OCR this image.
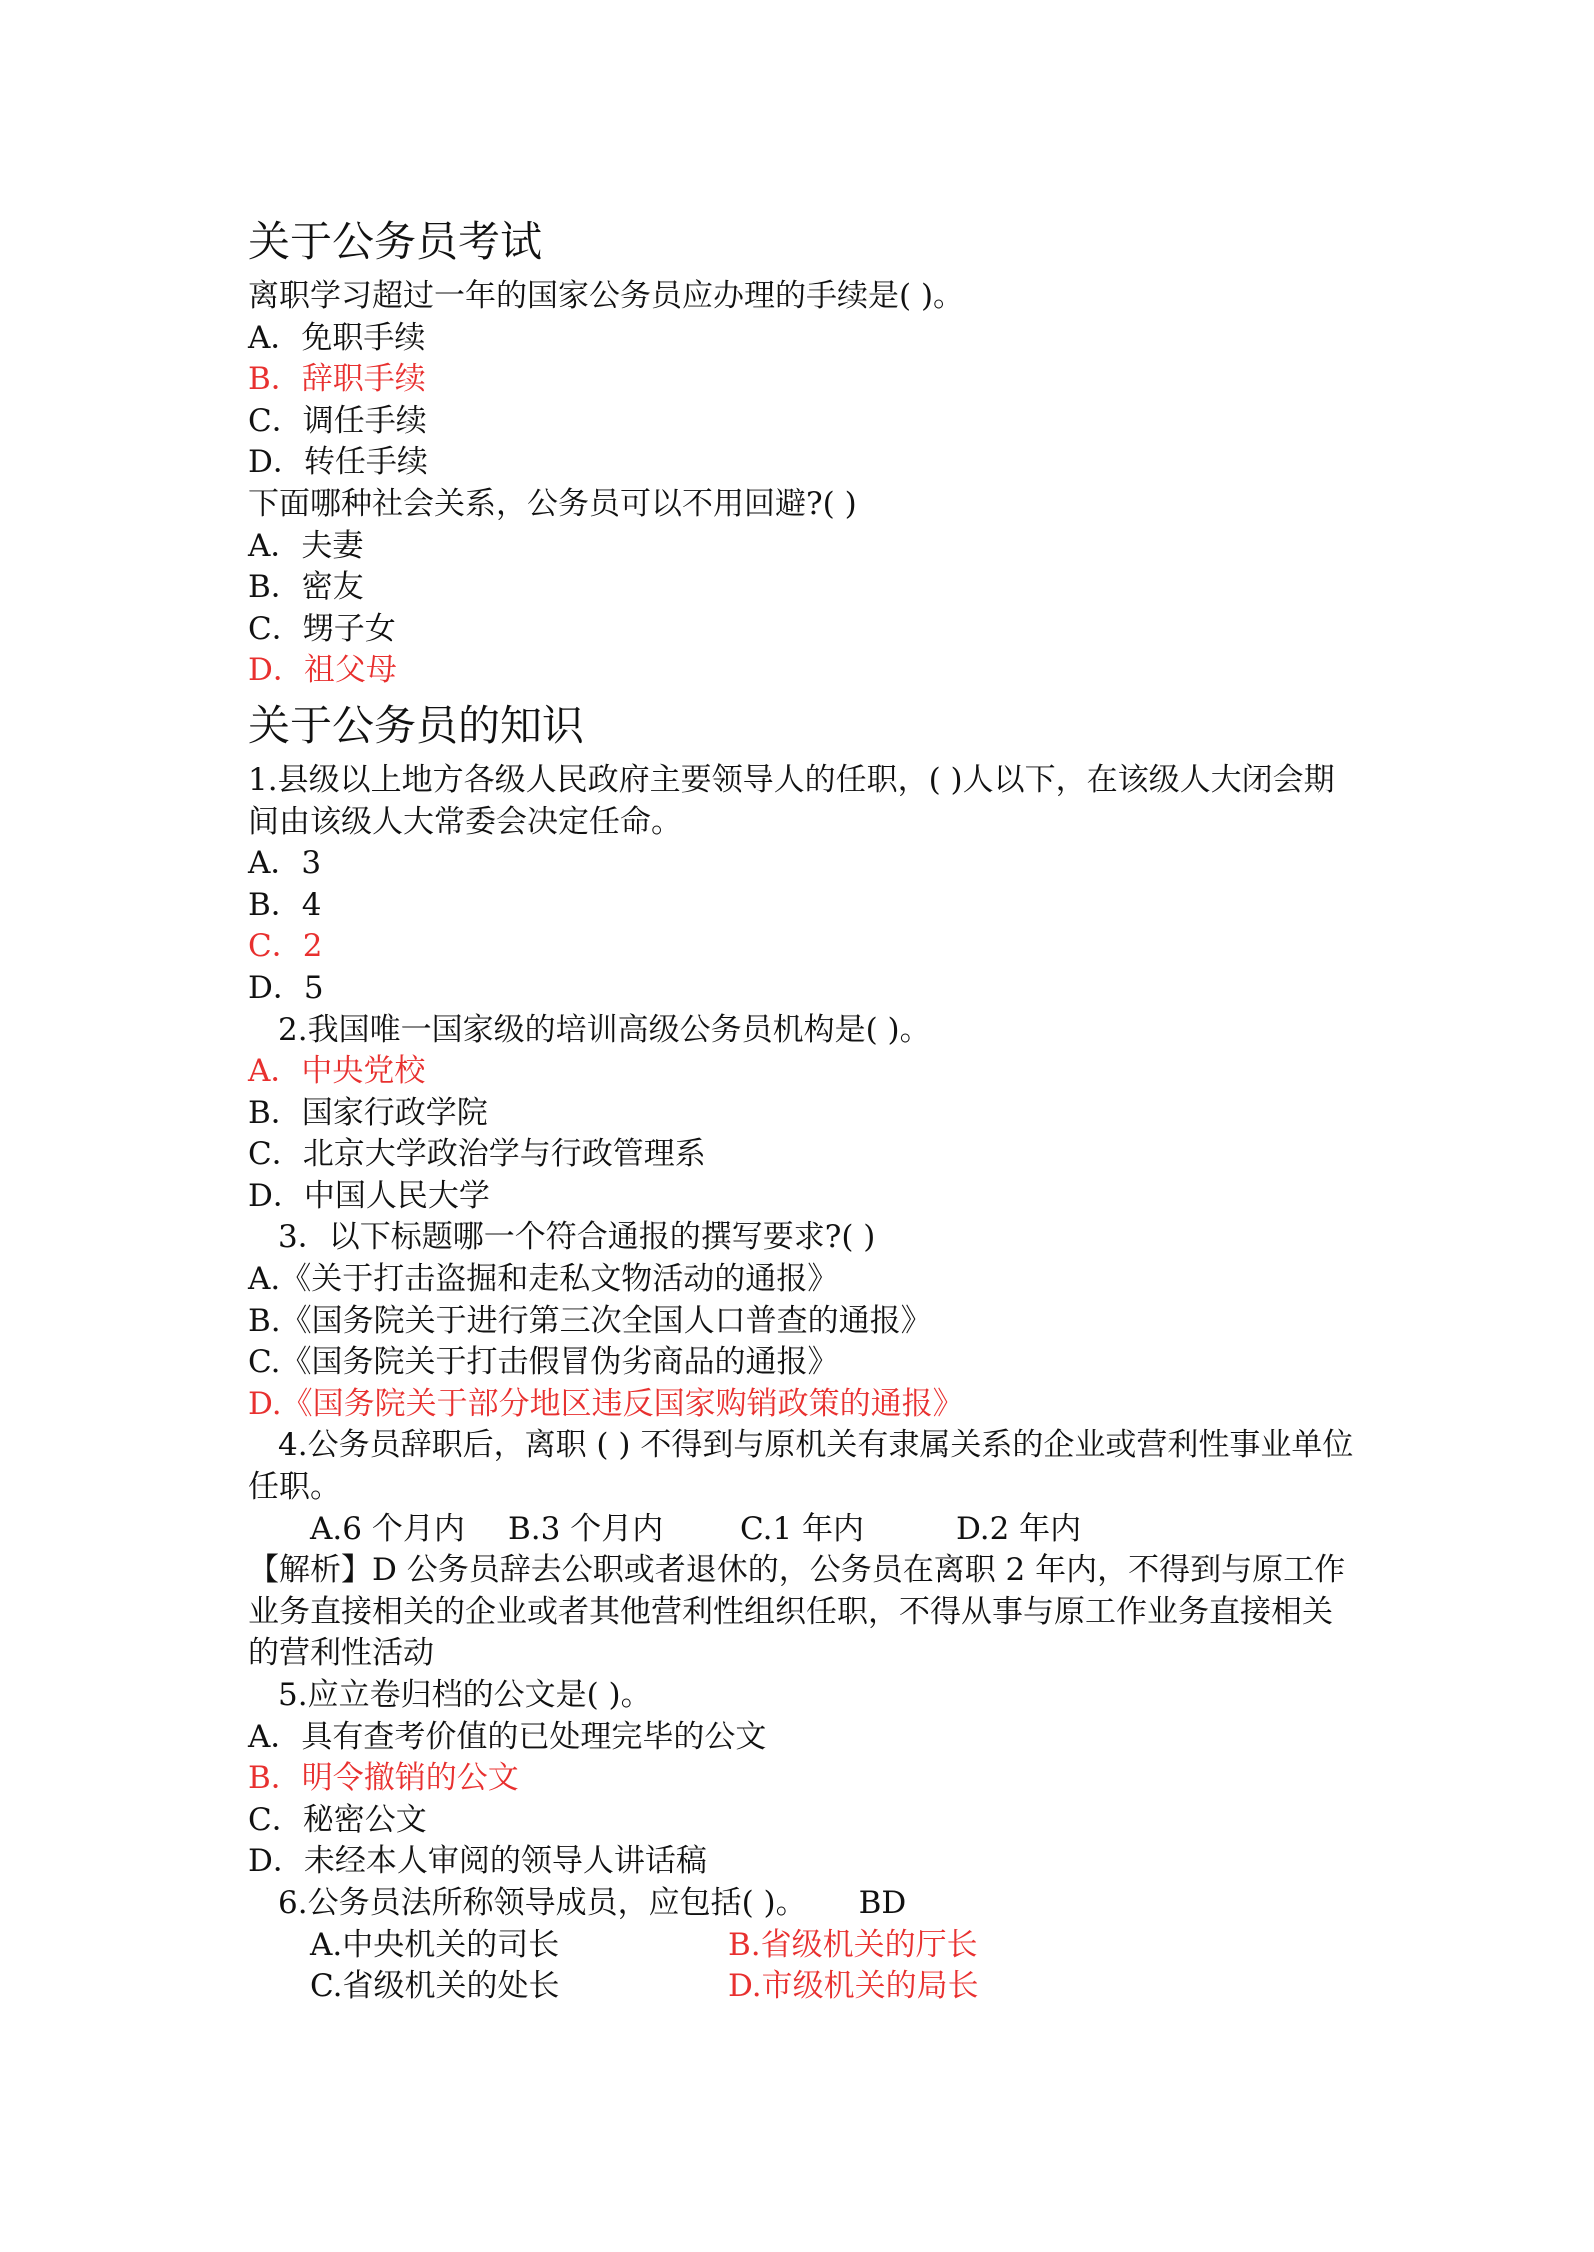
关于公务员考试

离职学习超过一年的国家公务员应办理的手续是( )。

A．免职手续

B．辞职手续

C．调任手续

D．转任手续

下面哪种社会关系，公务员可以不用回避?( )

A．夫妻

B．密友

C．甥子女

D．祖父母

关于公务员的知识

1.县级以上地方各级人民政府主要领导人的任职，( )人以下，在该级人大闭会期间由该级人大常委会决定任命。

A．3

B．4

C．2

D．5

2.我国唯一国家级的培训高级公务员机构是( )。

A．中央党校

B．国家行政学院

C．北京大学政治学与行政管理系

D．中国人民大学

3．以下标题哪一个符合通报的撰写要求?( )

A.《关于打击盗掘和走私文物活动的通报》

B.《国务院关于进行第三次全国人口普查的通报》

C.《国务院关于打击假冒伪劣商品的通报》

D.《国务院关于部分地区违反国家购销政策的通报》

4.公务员辞职后，离职 ( ) 不得到与原机关有隶属关系的企业或营利性事业单位任职。

A.6 个月内	B.3 个月内	C.1 年内	D.2 年内

【解析】D 公务员辞去公职或者退休的，公务员在离职 2 年内，不得到与原工作业务直接相关的企业或者其他营利性组织任职，不得从事与原工作业务直接相关的营利性活动

5.应立卷归档的公文是( )。

A．具有查考价值的已处理完毕的公文

B．明令撤销的公文

C．秘密公文

D．未经本人审阅的领导人讲话稿

6.公务员法所称领导成员，应包括( )。 BD

A.中央机关的司长	B.省级机关的厅长
C.省级机关的处长	D.市级机关的局长
